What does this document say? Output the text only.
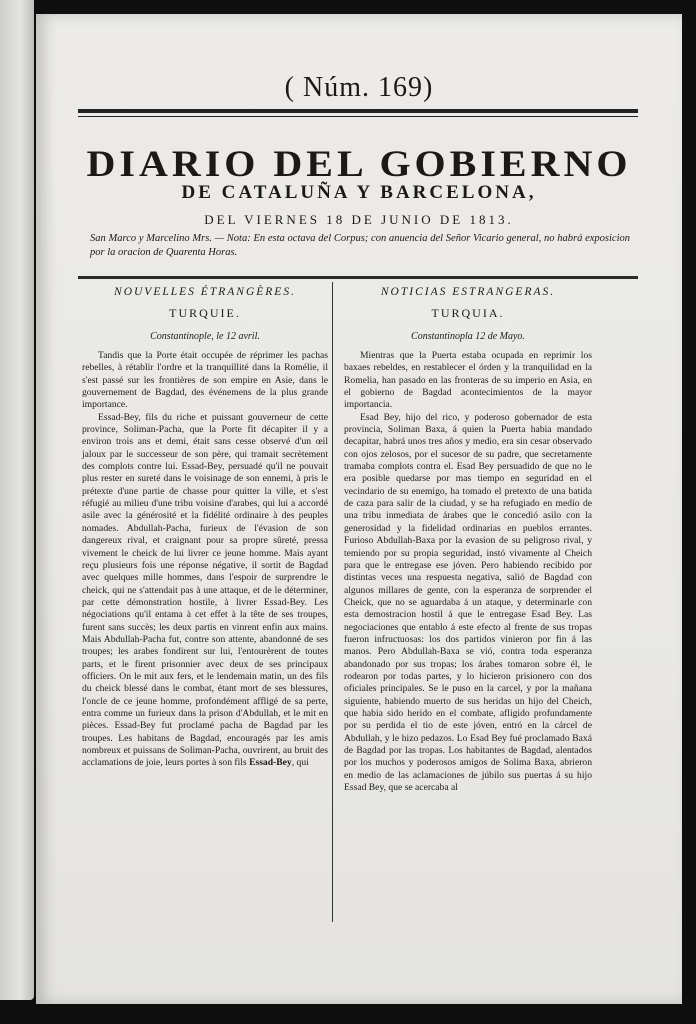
( Núm. 169)
DIARIO DEL GOBIERNO
DE CATALUÑA Y BARCELONA,
DEL VIERNES 18 DE JUNIO DE 1813.
San Marco y Marcelino Mrs. — Nota: En esta octava del Corpus; con anuencia del Señor Vicario general, no habrá exposicion por la oracion de Quarenta Horas.
NOUVELLES ÉTRANGÈRES.
TURQUIE.
Constantinople, le 12 avril.

Tandis que la Porte était occupée de réprimer les pachas rebelles, à rétablir l'ordre et la tranquillité dans la Romélie, il s'est passé sur les frontières de son empire en Asie, dans le gouvernement de Bagdad, des événemens de la plus grande importance.

Essad-Bey, fils du riche et puissant gouverneur de cette province, Soliman-Pacha, que la Porte fit décapiter il y a environ trois ans et demi, était sans cesse observé d'un œil jaloux par le successeur de son père, qui tramait secrètement des complots contre lui. Essad-Bey, persuadé qu'il ne pouvait plus rester en sureté dans le voisinage de son ennemi, à pris le prétexte d'une partie de chasse pour quitter la ville, et s'est réfugié au milieu d'une tribu voisine d'arabes, qui lui a accordé asile avec la générosité et la fidélité ordinaire à des peuples nomades. Abdullah-Pacha, furieux de l'évasion de son dangereux rival, et craignant pour sa propre sûreté, pressa vivement le cheick de lui livrer ce jeune homme. Mais ayant reçu plusieurs fois une réponse négative, il sortit de Bagdad avec quelques mille hommes, dans l'espoir de surprendre le cheick, qui ne s'attendait pas à une attaque, et de le déterminer, par cette démonstration hostile, à livrer Essad-Bey. Les négociations qu'il entama à cet effet à la tête de ses troupes, furent sans succès; les deux partis en vinrent enfin aux mains. Mais Abdullah-Pacha fut, contre son attente, abandonné de ses troupes; les arabes fondirent sur lui, l'entourèrent de toutes parts, et le firent prisonnier avec deux de ses principaux officiers. On le mit aux fers, et le lendemain matin, un des fils du cheick blessé dans le combat, étant mort de ses blessures, l'oncle de ce jeune homme, profondément affligé de sa perte, entra comme un furieux dans la prison d'Abdullah, et le mit en pièces. Essad-Bey fut proclamé pacha de Bagdad par les troupes. Les habitans de Bagdad, encouragés par les amis nombreux et puissans de Soliman-Pacha, ouvrirent, au bruit des acclamations de joie, leurs portes à son fils Essad-Bey, qui

NOTICIAS ESTRANGERAS.
TURQUIA.
Constantinopla 12 de Mayo.

Mientras que la Puerta estaba ocupada en reprimir los baxaes rebeldes, en restablecer el órden y la tranquilidad en la Romelia, han pasado en las fronteras de su imperio en Asia, en el gobierno de Bagdad acontecimientos de la mayor importancia.

Esad Bey, hijo del rico, y poderoso gobernador de esta provincia, Soliman Baxa, á quien la Puerta habia mandado decapitar, habrá unos tres años y medio, era sin cesar observado con ojos zelosos, por el sucesor de su padre, que secretamente tramaba complots contra el. Esad Bey persuadido de que no le era posible quedarse por mas tiempo en seguridad en el vecindario de su enemigo, ha tomado el pretexto de una batida de caza para salir de la ciudad, y se ha refugiado en medio de una tribu inmediata de árabes que le concedió asilo con la generosidad y la fidelidad ordinarias en pueblos errantes. Furioso Abdullah-Baxa por la evasion de su peligroso rival, y temiendo por su propia seguridad, instó vivamente al Cheich para que le entregase ese jóven. Pero habiendo recibido por distintas veces una respuesta negativa, salió de Bagdad con algunos millares de gente, con la esperanza de sorprender el Cheick, que no se aguardaba á un ataque, y determinarle con esta demostracion hostil á que le entregase Esad Bey. Las negociaciones que entablo á este efecto al frente de sus tropas fueron infructuosas: los dos partidos vinieron por fin á las manos. Pero Abdullah-Baxa se vió, contra toda esperanza abandonado por sus tropas; los árabes tomaron sobre él, le rodearon por todas partes, y lo hicieron prisionero con dos oficiales principales. Se le puso en la carcel, y por la mañana siguiente, habiendo muerto de sus heridas un hijo del Cheich, que habia sido herido en el combate, afligido profundamente por su perdida el tio de este jóven, entró en la cárcel de Abdullah, y le hizo pedazos. Lo Esad Bey fué proclamado Baxá de Bagdad por las tropas. Los habitantes de Bagdad, alentados por los muchos y poderosos amigos de Solima Baxa, abrieron en medio de las aclamaciones de júbilo sus puertas á su hijo Essad Bey, que se acercaba al
